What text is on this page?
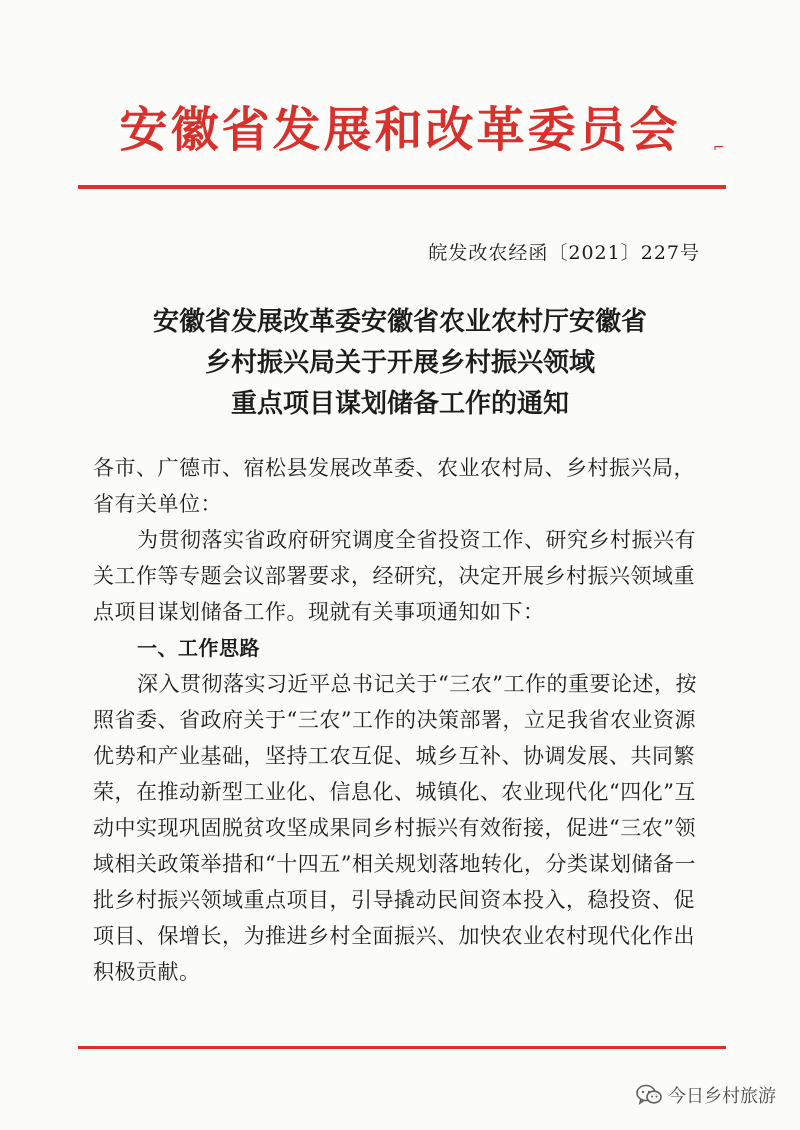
安徽省发展和改革委员会	⌐
皖发改农经函〔2021〕227号
安徽省发展改革委安徽省农业农村厅安徽省
乡村振兴局关于开展乡村振兴领域
重点项目谋划储备工作的通知
各市、广德市、宿松县发展改革委、农业农村局、乡村振兴局，
省有关单位：
为贯彻落实省政府研究调度全省投资工作、研究乡村振兴有
关工作等专题会议部署要求，经研究，决定开展乡村振兴领域重
点项目谋划储备工作。现就有关事项通知如下：
一、工作思路
深入贯彻落实习近平总书记关于“三农”工作的重要论述，按
照省委、省政府关于“三农”工作的决策部署，立足我省农业资源
优势和产业基础，坚持工农互促、城乡互补、协调发展、共同繁
荣，在推动新型工业化、信息化、城镇化、农业现代化“四化”互
动中实现巩固脱贫攻坚成果同乡村振兴有效衔接，促进“三农”领
域相关政策举措和“十四五”相关规划落地转化，分类谋划储备一
批乡村振兴领域重点项目，引导撬动民间资本投入，稳投资、促
项目、保增长，为推进乡村全面振兴、加快农业农村现代化作出
积极贡献。
今日乡村旅游
